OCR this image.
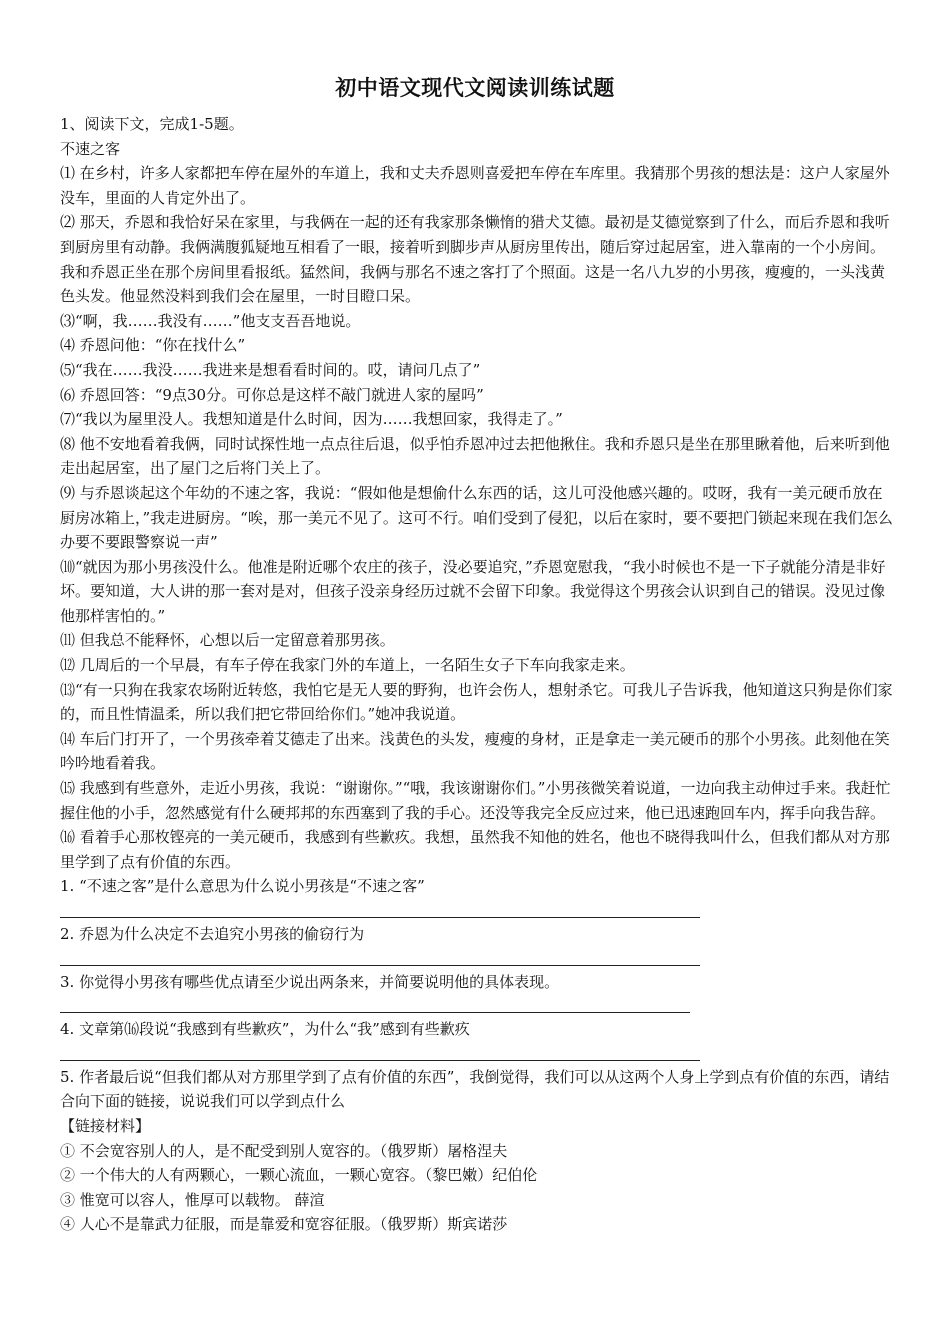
初中语文现代文阅读训练试题

1、阅读下文，完成1-5题。

不速之客

⑴ 在乡村，许多人家都把车停在屋外的车道上，我和丈夫乔恩则喜爱把车停在车库里。我猜那个男孩的想法是：这户人家屋外没车，里面的人肯定外出了。

⑵ 那天，乔恩和我恰好呆在家里，与我俩在一起的还有我家那条懒惰的猎犬艾德。最初是艾德觉察到了什么，而后乔恩和我听到厨房里有动静。我俩满腹狐疑地互相看了一眼，接着听到脚步声从厨房里传出，随后穿过起居室，进入靠南的一个小房间。我和乔恩正坐在那个房间里看报纸。猛然间，我俩与那名不速之客打了个照面。这是一名八九岁的小男孩，瘦瘦的，一头浅黄色头发。他显然没料到我们会在屋里，一时目瞪口呆。

⑶“啊，我……我没有……”他支支吾吾地说。

⑷ 乔恩问他：“你在找什么”

⑸“我在……我没……我进来是想看看时间的。哎，请问几点了”

⑹ 乔恩回答：“9点30分。可你总是这样不敲门就进人家的屋吗”

⑺“我以为屋里没人。我想知道是什么时间，因为……我想回家，我得走了。”

⑻ 他不安地看着我俩，同时试探性地一点点往后退，似乎怕乔恩冲过去把他揪住。我和乔恩只是坐在那里瞅着他，后来听到他走出起居室，出了屋门之后将门关上了。

⑼ 与乔恩谈起这个年幼的不速之客，我说：“假如他是想偷什么东西的话，这儿可没他感兴趣的。哎呀，我有一美元硬币放在厨房冰箱上，”我走进厨房。“唉，那一美元不见了。这可不行。咱们受到了侵犯，以后在家时，要不要把门锁起来现在我们怎么办要不要跟警察说一声”

⑽“就因为那小男孩没什么。他准是附近哪个农庄的孩子，没必要追究，”乔恩宽慰我，“我小时候也不是一下子就能分清是非好坏。要知道，大人讲的那一套对是对，但孩子没亲身经历过就不会留下印象。我觉得这个男孩会认识到自己的错误。没见过像他那样害怕的。”

⑾ 但我总不能释怀，心想以后一定留意着那男孩。

⑿ 几周后的一个早晨，有车子停在我家门外的车道上，一名陌生女子下车向我家走来。

⒀“有一只狗在我家农场附近转悠，我怕它是无人要的野狗，也许会伤人，想射杀它。可我儿子告诉我，他知道这只狗是你们家的，而且性情温柔，所以我们把它带回给你们。”她冲我说道。

⒁ 车后门打开了，一个男孩牵着艾德走了出来。浅黄色的头发，瘦瘦的身材，正是拿走一美元硬币的那个小男孩。此刻他在笑吟吟地看着我。

⒂ 我感到有些意外，走近小男孩，我说：“谢谢你。”“哦，我该谢谢你们。”小男孩微笑着说道，一边向我主动伸过手来。我赶忙握住他的小手，忽然感觉有什么硬邦邦的东西塞到了我的手心。还没等我完全反应过来，他已迅速跑回车内，挥手向我告辞。

⒃ 看着手心那枚铿亮的一美元硬币，我感到有些歉疚。我想，虽然我不知他的姓名，他也不晓得我叫什么，但我们都从对方那里学到了点有价值的东西。

1. “不速之客”是什么意思为什么说小男孩是“不速之客”

2. 乔恩为什么决定不去追究小男孩的偷窃行为

3. 你觉得小男孩有哪些优点请至少说出两条来，并简要说明他的具体表现。

4. 文章第⒃段说“我感到有些歉疚”，为什么“我”感到有些歉疚

5. 作者最后说“但我们都从对方那里学到了点有价值的东西”，我倒觉得，我们可以从这两个人身上学到点有价值的东西，请结合向下面的链接，说说我们可以学到点什么

【链接材料】

① 不会宽容别人的人，是不配受到别人宽容的。（俄罗斯）屠格涅夫

② 一个伟大的人有两颗心，一颗心流血，一颗心宽容。（黎巴嫩）纪伯伦

③ 惟宽可以容人，惟厚可以载物。 薛渲

④ 人心不是靠武力征服，而是靠爱和宽容征服。（俄罗斯）斯宾诺莎
